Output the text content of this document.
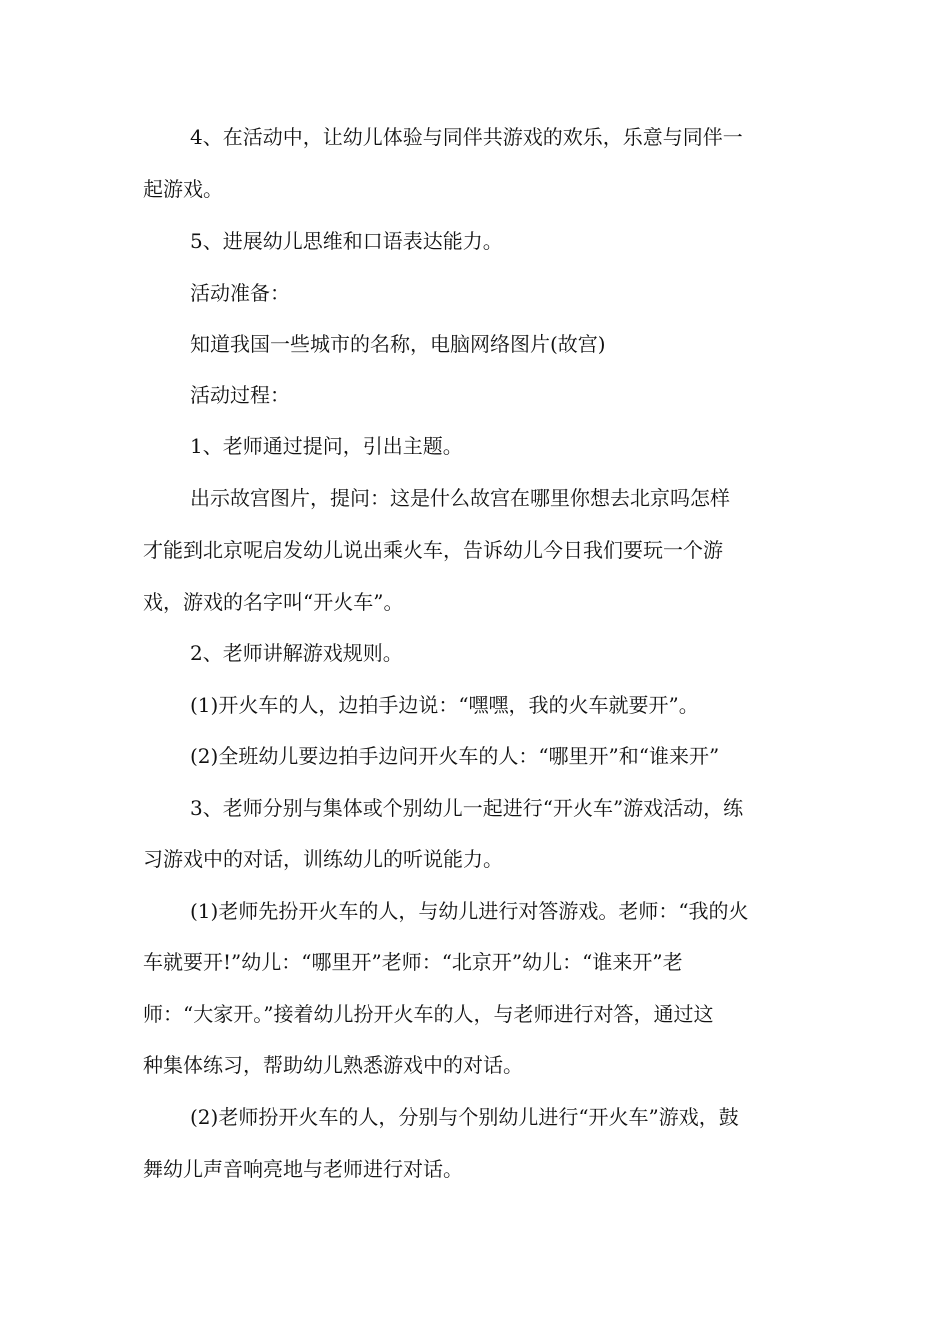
4、在活动中，让幼儿体验与同伴共游戏的欢乐，乐意与同伴一
起游戏。
5、进展幼儿思维和口语表达能力。
活动准备：
知道我国一些城市的名称，电脑网络图片(故宫)
活动过程：
1、老师通过提问，引出主题。
出示故宫图片，提问：这是什么故宫在哪里你想去北京吗怎样
才能到北京呢启发幼儿说出乘火车，告诉幼儿今日我们要玩一个游
戏，游戏的名字叫“开火车”。
2、老师讲解游戏规则。
(1)开火车的人，边拍手边说：“嘿嘿，我的火车就要开”。
(2)全班幼儿要边拍手边问开火车的人：“哪里开”和“谁来开”
3、老师分别与集体或个别幼儿一起进行“开火车”游戏活动，练
习游戏中的对话，训练幼儿的听说能力。
(1)老师先扮开火车的人，与幼儿进行对答游戏。老师：“我的火
车就要开!”幼儿：“哪里开”老师：“北京开”幼儿：“谁来开”老
师：“大家开。”接着幼儿扮开火车的人，与老师进行对答，通过这
种集体练习，帮助幼儿熟悉游戏中的对话。
(2)老师扮开火车的人，分别与个别幼儿进行“开火车”游戏，鼓
舞幼儿声音响亮地与老师进行对话。
